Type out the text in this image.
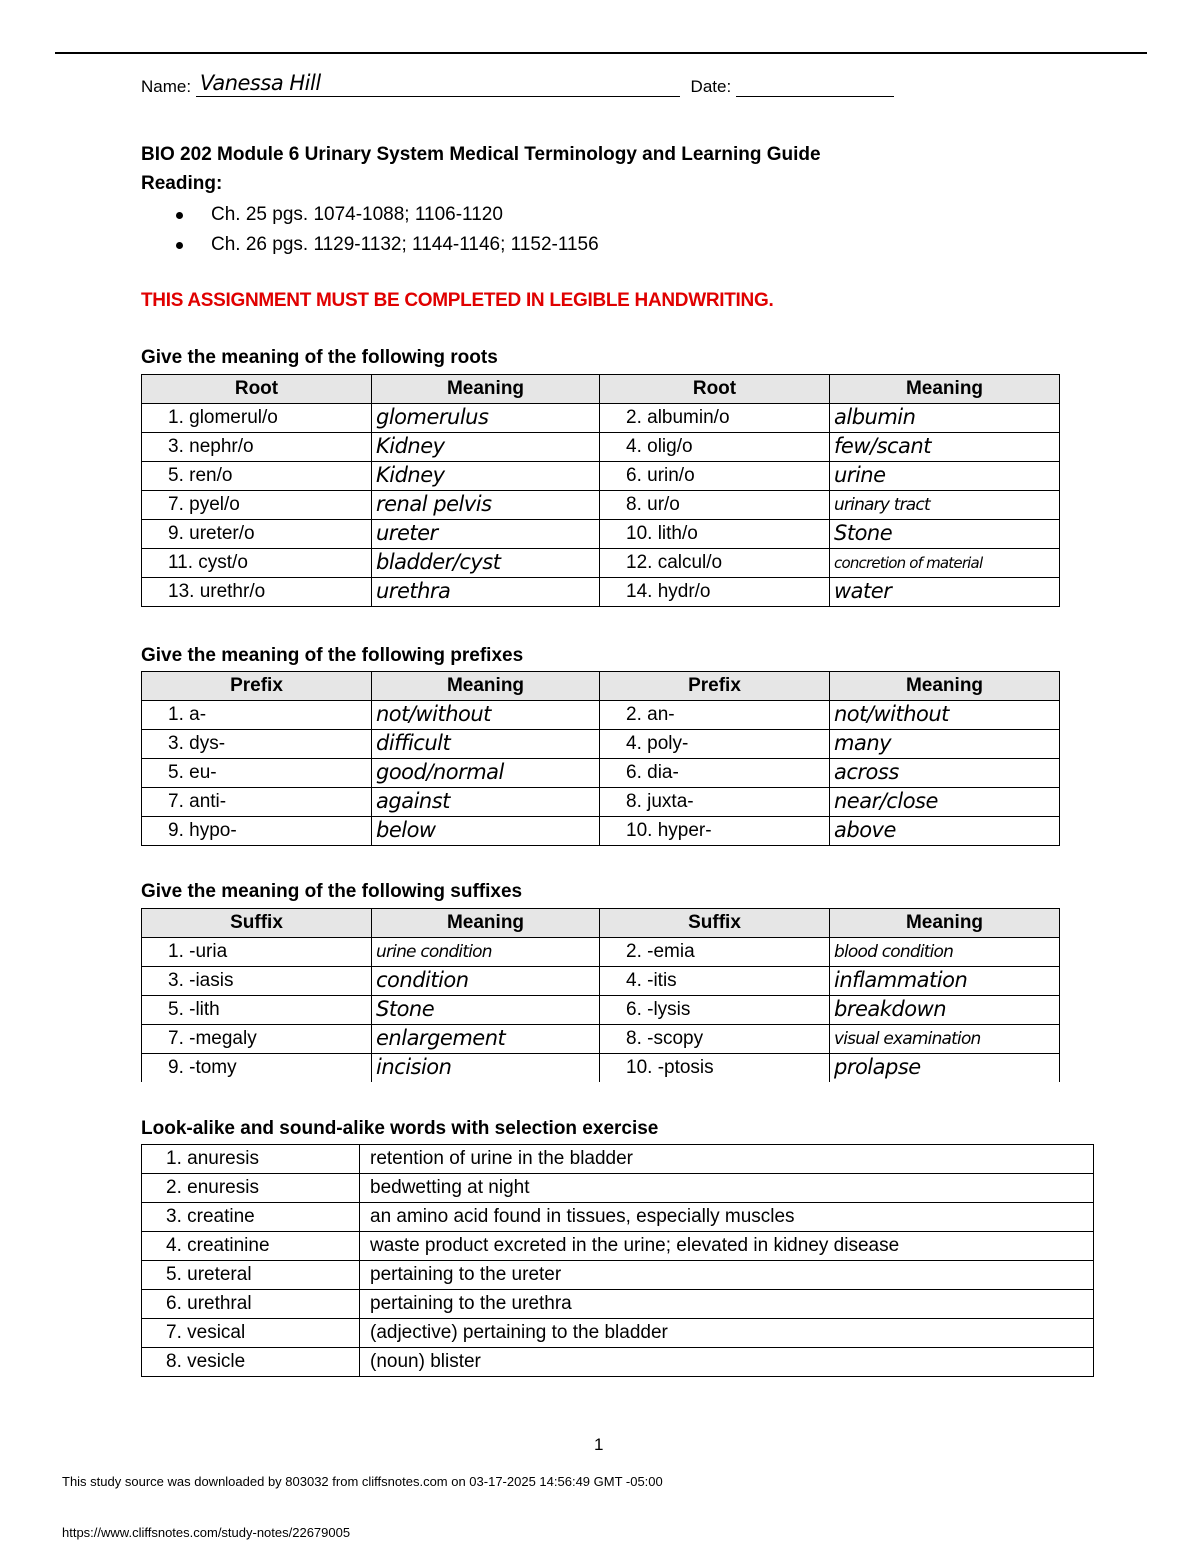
Name: Vanessa Hill	Date:
BIO 202 Module 6 Urinary System Medical Terminology and Learning Guide
Reading:
Ch. 25 pgs. 1074-1088; 1106-1120
Ch. 26 pgs. 1129-1132; 1144-1146; 1152-1156
THIS ASSIGNMENT MUST BE COMPLETED IN LEGIBLE HANDWRITING.
Give the meaning of the following roots
Root	Meaning	Root	Meaning
1. glomerul/o	glomerulus	2. albumin/o	albumin
3. nephr/o	Kidney	4. olig/o	few/scant
5. ren/o	Kidney	6. urin/o	urine
7. pyel/o	renal pelvis	8. ur/o	urinary tract
9. ureter/o	ureter	10. lith/o	Stone
11. cyst/o	bladder/cyst	12. calcul/o	concretion of material
13. urethr/o	urethra	14. hydr/o	water
Give the meaning of the following prefixes
Prefix	Meaning	Prefix	Meaning
1. a-	not/without	2. an-	not/without
3. dys-	difficult	4. poly-	many
5. eu-	good/normal	6. dia-	across
7. anti-	against	8. juxta-	near/close
9. hypo-	below	10. hyper-	above
Give the meaning of the following suffixes
Suffix	Meaning	Suffix	Meaning
1. -uria	urine condition	2. -emia	blood condition
3. -iasis	condition	4. -itis	inflammation
5. -lith	Stone	6. -lysis	breakdown
7. -megaly	enlargement	8. -scopy	visual examination
9. -tomy	incision	10. -ptosis	prolapse
Look-alike and sound-alike words with selection exercise
1. anuresis	retention of urine in the bladder
2. enuresis	bedwetting at night
3. creatine	an amino acid found in tissues, especially muscles
4. creatinine	waste product excreted in the urine; elevated in kidney disease
5. ureteral	pertaining to the ureter
6. urethral	pertaining to the urethra
7. vesical	(adjective) pertaining to the bladder
8. vesicle	(noun) blister
1
This study source was downloaded by 803032 from cliffsnotes.com on 03-17-2025 14:56:49 GMT -05:00
https://www.cliffsnotes.com/study-notes/22679005
